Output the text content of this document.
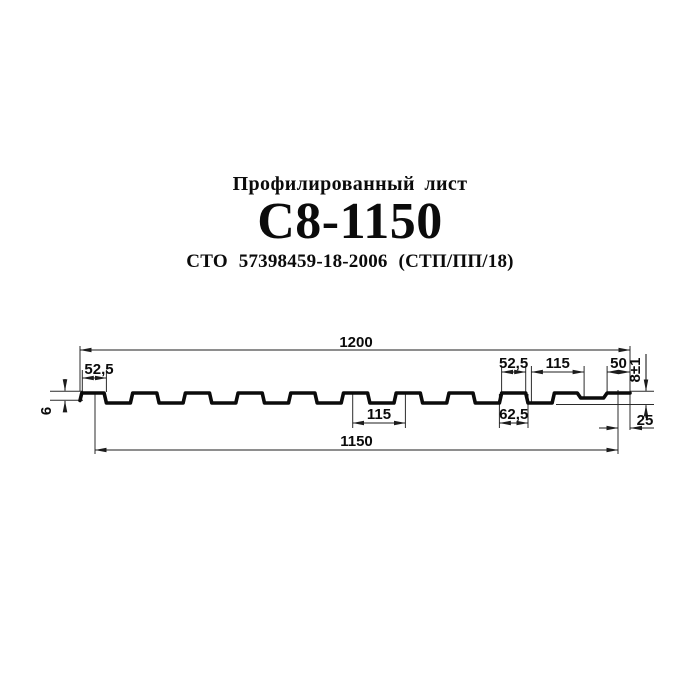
Профилированный лист
С8-1150
СТО 57398459-18-2006 (СТП/ПП/18)
1200
52,5	52,5 115	50 8±1
6	115	62,5	25
1150
